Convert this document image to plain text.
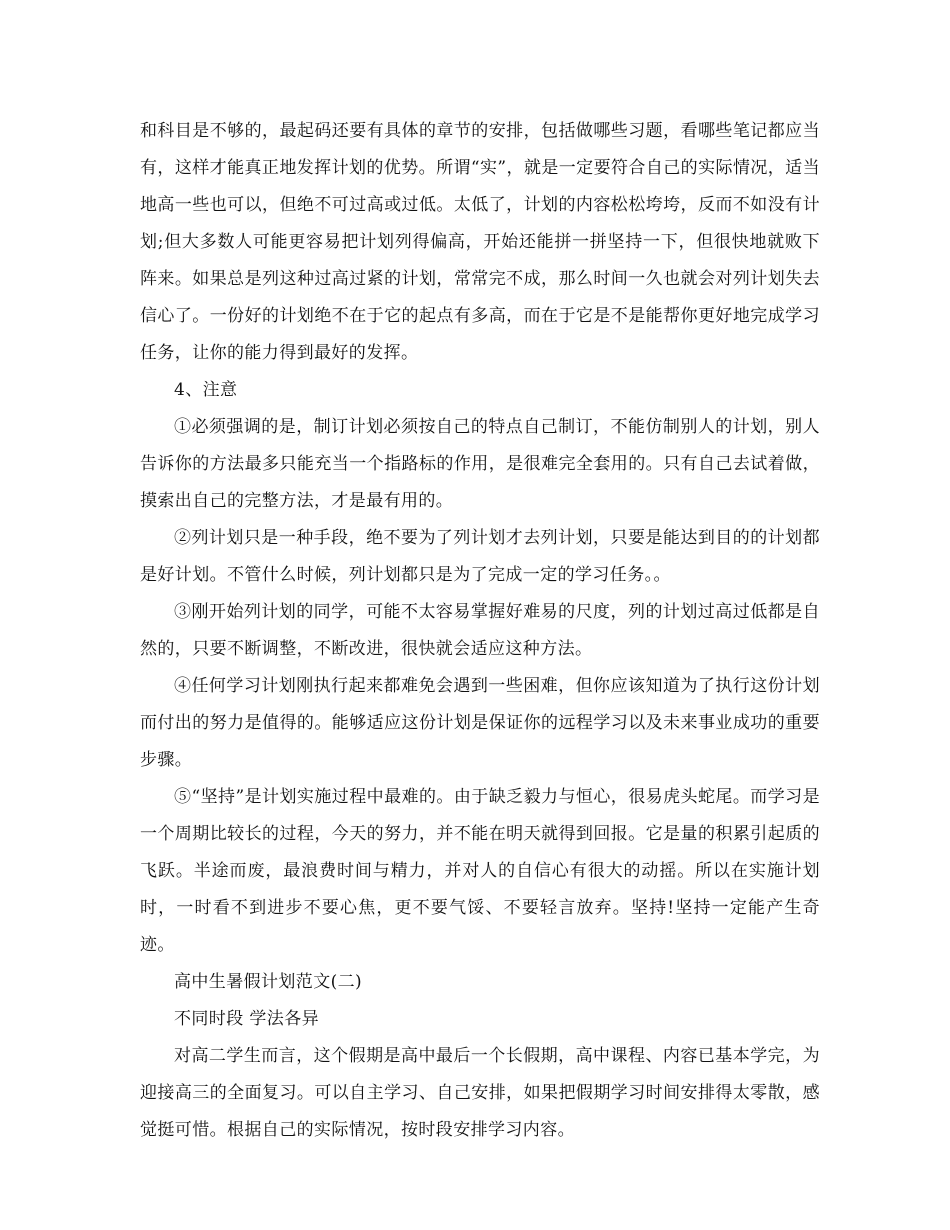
和科目是不够的，最起码还要有具体的章节的安排，包括做哪些习题，看哪些笔记都应当有，这样才能真正地发挥计划的优势。所谓“实”，就是一定要符合自己的实际情况，适当地高一些也可以，但绝不可过高或过低。太低了，计划的内容松松垮垮，反而不如没有计划;但大多数人可能更容易把计划列得偏高，开始还能拼一拼坚持一下，但很快地就败下阵来。如果总是列这种过高过紧的计划，常常完不成，那么时间一久也就会对列计划失去信心了。一份好的计划绝不在于它的起点有多高，而在于它是不是能帮你更好地完成学习任务，让你的能力得到最好的发挥。

4、注意

①必须强调的是，制订计划必须按自己的特点自己制订，不能仿制别人的计划，别人告诉你的方法最多只能充当一个指路标的作用，是很难完全套用的。只有自己去试着做，摸索出自己的完整方法，才是最有用的。

②列计划只是一种手段，绝不要为了列计划才去列计划，只要是能达到目的的计划都是好计划。不管什么时候，列计划都只是为了完成一定的学习任务。。

③刚开始列计划的同学，可能不太容易掌握好难易的尺度，列的计划过高过低都是自然的，只要不断调整，不断改进，很快就会适应这种方法。

④任何学习计划刚执行起来都难免会遇到一些困难，但你应该知道为了执行这份计划而付出的努力是值得的。能够适应这份计划是保证你的远程学习以及未来事业成功的重要步骤。

⑤“坚持”是计划实施过程中最难的。由于缺乏毅力与恒心，很易虎头蛇尾。而学习是一个周期比较长的过程，今天的努力，并不能在明天就得到回报。它是量的积累引起质的飞跃。半途而废，最浪费时间与精力，并对人的自信心有很大的动摇。所以在实施计划时，一时看不到进步不要心焦，更不要气馁、不要轻言放弃。坚持!坚持一定能产生奇迹。

高中生暑假计划范文(二)

不同时段 学法各异

对高二学生而言，这个假期是高中最后一个长假期，高中课程、内容已基本学完，为迎接高三的全面复习。可以自主学习、自己安排，如果把假期学习时间安排得太零散，感觉挺可惜。根据自己的实际情况，按时段安排学习内容。
